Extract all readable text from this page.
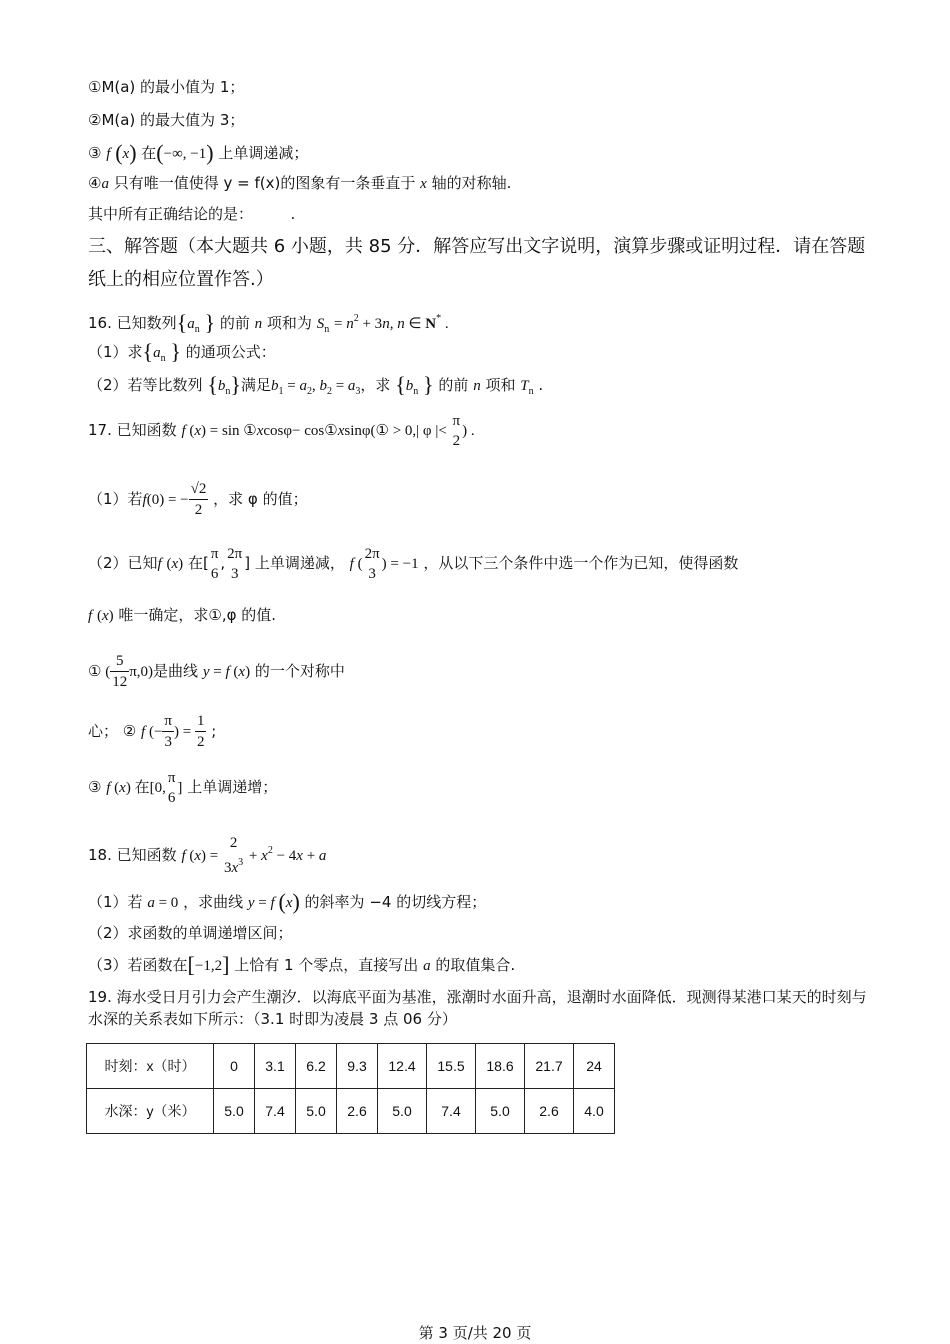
①M(a) 的最小值为 1；
②M(a) 的最大值为 3；
③ f (x) 在(−∞, −1) 上单调递减；
④a 只有唯一值使得 y = f(x)的图象有一条垂直于 x 轴的对称轴.
其中所有正确结论的是：　　　.
三、解答题（本大题共 6 小题，共 85 分．解答应写出文字说明，演算步骤或证明过程．请在答题纸上的相应位置作答.）
16. 已知数列{$a_n$ } 的前 n 项和为 $S_n = n^2 + 3n$, n ∈ N* .
（1）求{$a_n$ } 的通项公式：
（2）若等比数列 $\{b_n\}$满足$b_1 = a_2$, $b_2 = a_3$，求 {$b_n$ } 的前 n 项和 $T_n$ .
17. 已知函数 f (x) = sin ①xcosφ− cos①xsinφ(① > 0,| φ |<
π
2
) .
（1）若f(0) = − $\frac{√2}{2}$ ，求 φ 的值；
（2）已知f (x) 在[
π
6
,
2π
3
] 上单调递减， f (
2π
3
) = −1 ，从以下三个条件中选一个作为已知，使得函数
f (x) 唯一确定，求①,φ 的值.
① ( $\frac{5}{12} \pi,0$)是曲线 y = f (x) 的一个对称中
心； ② f (− $\frac{\pi}{3}$ ) = $\frac{1}{2}$ ;
③ f (x) 在[0,
π
6
] 上单调递增；
18. 已知函数 f (x) =
2
$3x^3 + x^2 - 4x + a$
（1）若 a = 0 ，求曲线 y = f (x) 的斜率为 −4 的切线方程；
（2）求函数的单调递增区间；
（3）若函数在[−1,2] 上恰有 1 个零点，直接写出 a 的取值集合.
19. 海水受日月引力会产生潮汐．以海底平面为基准，涨潮时水面升高，退潮时水面降低．现测得某港口某天的时刻与水深的关系表如下所示：（3.1 时即为凌晨 3 点 06 分）
时刻：x（时）	0	3.1	6.2	9.3	12.4	15.5	18.6	21.7	24
水深：y（米）	5.0	7.4	5.0	2.6	5.0	7.4	5.0	2.6	4.0
第 3 页/共 20 页
